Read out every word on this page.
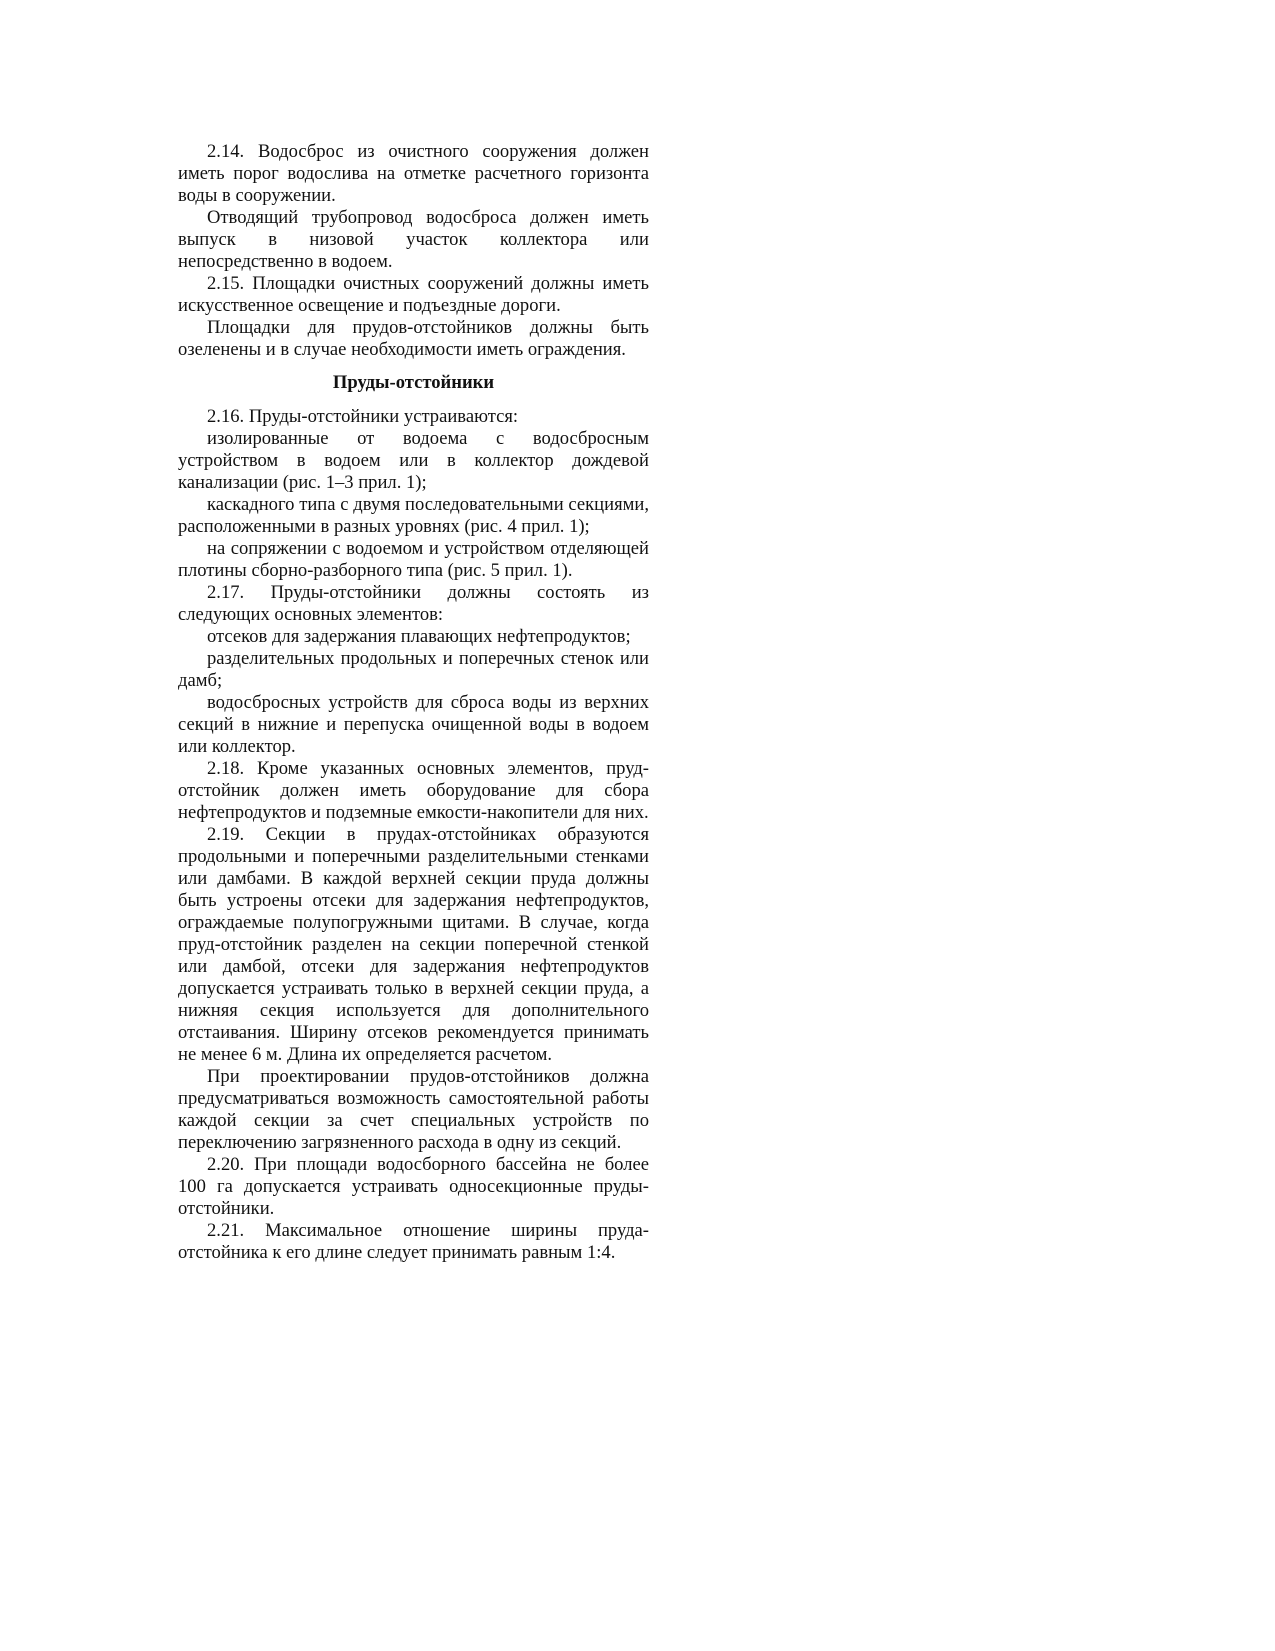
2.14. Водосброс из очистного сооружения должен иметь порог водослива на отметке расчетного горизонта воды в сооружении.

Отводящий трубопровод водосброса должен иметь выпуск в низовой участок коллектора или непосредственно в водоем.

2.15. Площадки очистных сооружений должны иметь искусственное освещение и подъездные дороги.

Площадки для прудов-отстойников должны быть озеленены и в случае необходимости иметь ограждения.

Пруды-отстойники

2.16. Пруды-отстойники устраиваются:

изолированные от водоема с водосбросным устройством в водоем или в коллектор дождевой канализации (рис. 1–3 прил. 1);

каскадного типа с двумя последовательными секциями, расположенными в разных уровнях (рис. 4 прил. 1);

на сопряжении с водоемом и устройством отделяющей плотины сборно-разборного типа (рис. 5 прил. 1).

2.17. Пруды-отстойники должны состоять из следующих основных элементов:

отсеков для задержания плавающих нефтепродуктов;

разделительных продольных и поперечных стенок или дамб;

водосбросных устройств для сброса воды из верхних секций в нижние и перепуска очищенной воды в водоем или коллектор.

2.18. Кроме указанных основных элементов, пруд-отстойник должен иметь оборудование для сбора нефтепродуктов и подземные емкости-накопители для них.

2.19. Секции в прудах-отстойниках образуются продольными и поперечными разделительными стенками или дамбами. В каждой верхней секции пруда должны быть устроены отсеки для задержания нефтепродуктов, ограждаемые полупогружными щитами. В случае, когда пруд-отстойник разделен на секции поперечной стенкой или дамбой, отсеки для задержания нефтепродуктов допускается устраивать только в верхней секции пруда, а нижняя секция используется для дополнительного отстаивания. Ширину отсеков рекомендуется принимать не менее 6 м. Длина их определяется расчетом.

При проектировании прудов-отстойников должна предусматриваться возможность самостоятельной работы каждой секции за счет специальных устройств по переключению загрязненного расхода в одну из секций.

2.20. При площади водосборного бассейна не более 100 га допускается устраивать односекционные пруды-отстойники.

2.21. Максимальное отношение ширины пруда-отстойника к его длине следует принимать равным 1:4.
